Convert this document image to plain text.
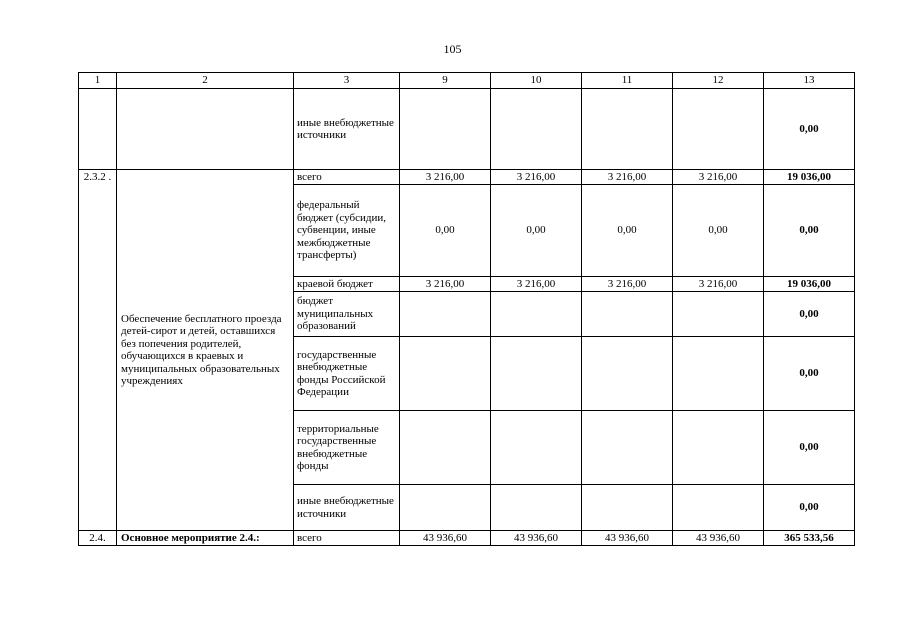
105
1	2	3	9	10	11	12	13
		иные внебюджетные источники					0,00
2.3.2 .	Обеспечение бесплатного проезда детей-сирот и детей, оставшихся без попечения родителей, обучающихся в краевых и муниципальных образовательных учреждениях	всего	3 216,00	3 216,00	3 216,00	3 216,00	19 036,00
		федеральный бюджет (субсидии, субвенции, иные межбюджетные трансферты)	0,00	0,00	0,00	0,00	0,00
		краевой бюджет	3 216,00	3 216,00	3 216,00	3 216,00	19 036,00
		бюджет муниципальных образований					0,00
		государственные внебюджетные фонды Российской Федерации					0,00
		территориальные государственные внебюджетные фонды					0,00
		иные внебюджетные источники					0,00
2.4.	Основное мероприятие 2.4.:	всего	43 936,60	43 936,60	43 936,60	43 936,60	365 533,56
